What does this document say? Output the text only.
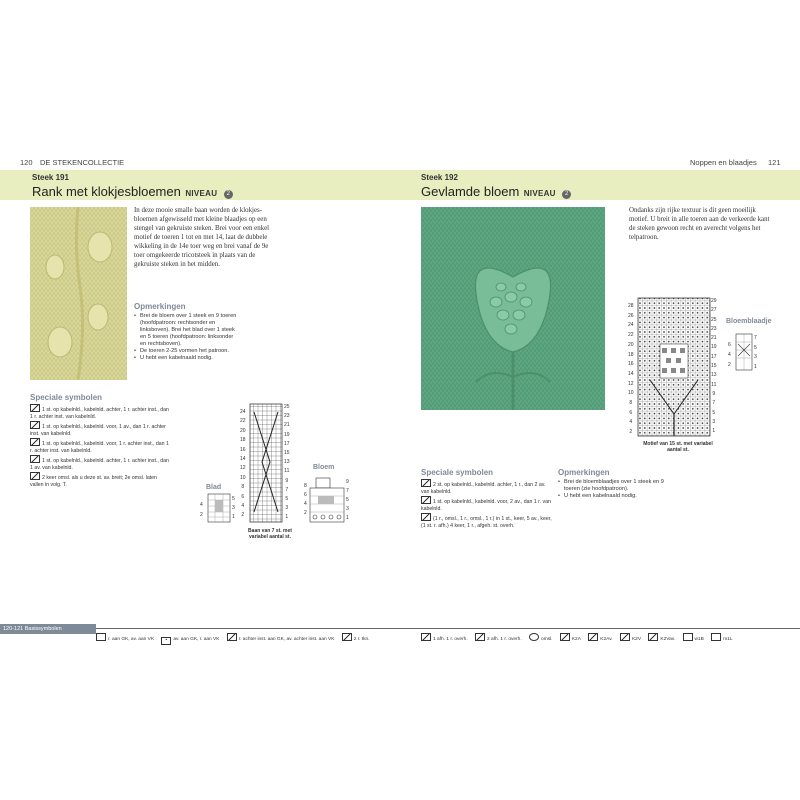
120 DE STEKENCOLLECTIE	Noppen en blaadjes 121
Steek 191
Rank met klokjesbloemen NIVEAU 2
Steek 192
Gevlamde bloem NIVEAU 2
In deze mooie smalle baan worden de klokjes-bloemen afgewisseld met kleine blaadjes op een stengel van gekruiste steken. Brei voor een enkel motief de toeren 1 tot en met 14, laat de dubbele wikkeling in de 14e toer weg en brei vanaf de 9e toer omgekeerde tricotsteek in plaats van de gekruiste steken in het midden.
Opmerkingen
• Brei de bloem over 1 steek en 9 toeren (hoofdpatroon: rechtsonder en linksboven). Brei het blad over 1 steek en 5 toeren (hoofdpatroon: linksonder en rechtsboven).
• De toeren 2-25 vormen het patroon.
• U hebt een kabelnaald nodig.
Speciale symbolen
1 st. op kabelnld., kabelnld. achter, 1 r. achter inst., dan 1 r. achter inst. van kabelnld.
1 st. op kabelnld., kabelnld. voor, 1 av., dan 1 r. achter inst. van kabelnld.
1 st. op kabelnld., kabelnld. voor, 1 r. achter inst., dan 1 r. achter inst. van kabelnld.
1 st. op kabelnld., kabelnld. achter, 1 r. achter inst., dan 1 av. van kabelnld.
2 keer omsl. als u deze st. av. breit; 2e omsl. laten vallen in volg. T.	Blad
4
2
5
3
1
24
22
20
18
16
14
12
10
8
6
4
2
25
23
21
19
17
15
13
11
9
7
5
3
1
Baan van 7 st. met variabel aantal st.
Bloem
8
6
4
2
9
7
5
3
1
Ondanks zijn rijke textuur is dit geen moeilijk motief. U breit in alle toeren aan de verkeerde kant de steken gewoon recht en averecht volgens het telpatroon.
28
26
24
22
20
18
16
14
12
10
8
6
4
2
29
27
25
23
21
19
17
15
13
11
9
7
5
3
1
Motief van 15 st. met variabel aantal st.
Bloemblaadje
6
4
2
7
5
3
1
Speciale symbolen
2 st. op kabelnld., kabelnld. achter, 1 r., dan 2 av. van kabelnld.
1 st. op kabelnld., kabelnld. voor, 2 av., dan 1 r. van kabelnld.
(1 r., omsl., 1 r., omsl., 1 r.) in 1 st., keer, 5 av., keer, (1 st. r. afh.) 4 keer, 1 r., afgeh. st. overh.
Opmerkingen
• Brei de bloemblaadjes over 1 steek en 9 toeren (zie hoofdpatroon).
• U hebt een kabelnaald nodig.
120-121 Basissymbolen
r. aan GK, av. aan VK • av. aan GK, r. aan VK	r. achter inst. aan GK, av. achter inst. aan VK	2 r. tkn.	1 afh. 1 r. overh.	2 afh. 1 r. overh.	omsl.	K2A	K2Av.	K2V	K2Vav.	w1B	m1L
